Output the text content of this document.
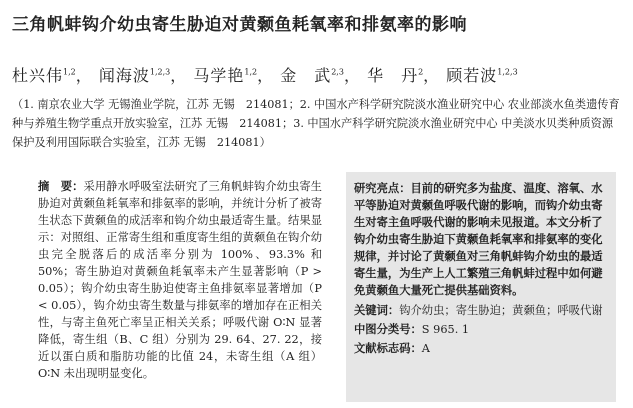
三角帆蚌钩介幼虫寄生胁迫对黄颡鱼耗氧率和排氨率的影响
杜兴伟$^{1,2}$， 闻海波$^{1,2,3}$， 马学艳$^{1,2}$， 金　武$^{2,3}$， 华　丹$^2$， 顾若波$^{1,2,3}$
（1. 南京农业大学 无锡渔业学院，江苏 无锡　214081；2. 中国水产科学研究院淡水渔业研究中心 农业部淡水鱼类遗传育种与养殖生物学重点开放实验室，江苏 无锡　214081；3. 中国水产科学研究院淡水渔业研究中心 中美淡水贝类种质资源保护及利用国际联合实验室，江苏 无锡　214081）
摘　要：采用静水呼吸室法研究了三角帆蚌钩介幼虫寄生胁迫对黄颡鱼耗氧率和排氨率的影响，并统计分析了被寄生状态下黄颡鱼的成活率和钩介幼虫最适寄生量。结果显示：对照组、正常寄生组和重度寄生组的黄颡鱼在钩介幼虫完全脱落后的成活率分别为 100%、93.3% 和 50%；寄生胁迫对黄颡鱼耗氧率未产生显著影响（P > 0.05）；钩介幼虫寄生胁迫使寄主鱼排氨率显著增加（P < 0.05），钩介幼虫寄生数量与排氨率的增加存在正相关性，与寄主鱼死亡率呈正相关关系；呼吸代谢 O∶N 显著降低，寄生组（B、C 组）分别为 29. 64、27. 22，接近以蛋白质和脂肪功能的比值 24，未寄生组（A 组）O∶N 未出现明显变化。
研究亮点：目前的研究多为盐度、温度、溶氧、水平等胁迫对黄颡鱼呼吸代谢的影响，而钩介幼虫寄生对寄主鱼呼吸代谢的影响未见报道。本文分析了钩介幼虫寄生胁迫下黄颡鱼耗氧率和排氨率的变化规律，并讨论了黄颡鱼对三角帆蚌钩介幼虫的最适寄生量，为生产上人工繁殖三角帆蚌过程中如何避免黄颡鱼大量死亡提供基础资料。
关键词：钩介幼虫；寄生胁迫；黄颡鱼；呼吸代谢
中图分类号：S 965. 1
文献标志码：A
